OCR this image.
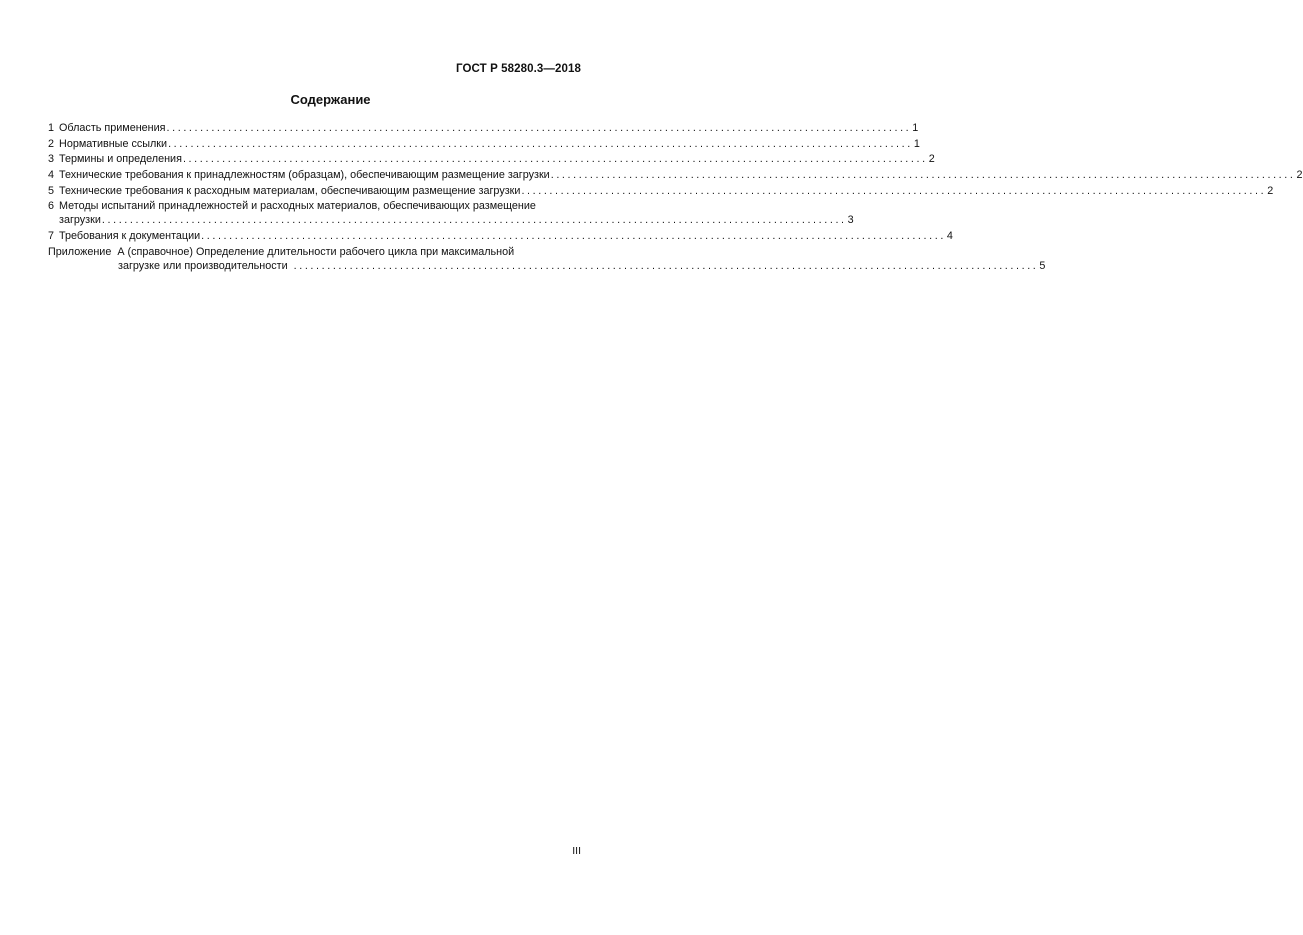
ГОСТ Р 58280.3—2018
Содержание
1 Область применения ..................................................................................................................................... 1
2 Нормативные ссылки ..................................................................................................................................... 1
3 Термины и определения ..................................................................................................................................... 2
4 Технические требования к принадлежностям (образцам), обеспечивающим размещение загрузки ..................................................................................................................................... 2
5 Технические требования к расходным материалам, обеспечивающим размещение загрузки ..................................................................................................................................... 2
6 Методы испытаний принадлежностей и расходных материалов, обеспечивающих размещение
загрузки ..................................................................................................................................... 3
7 Требования к документации ..................................................................................................................................... 4
Приложение  А (справочное) Определение длительности рабочего цикла при максимальной
загрузке или производительности ..................................................................................................................................... 5
III
